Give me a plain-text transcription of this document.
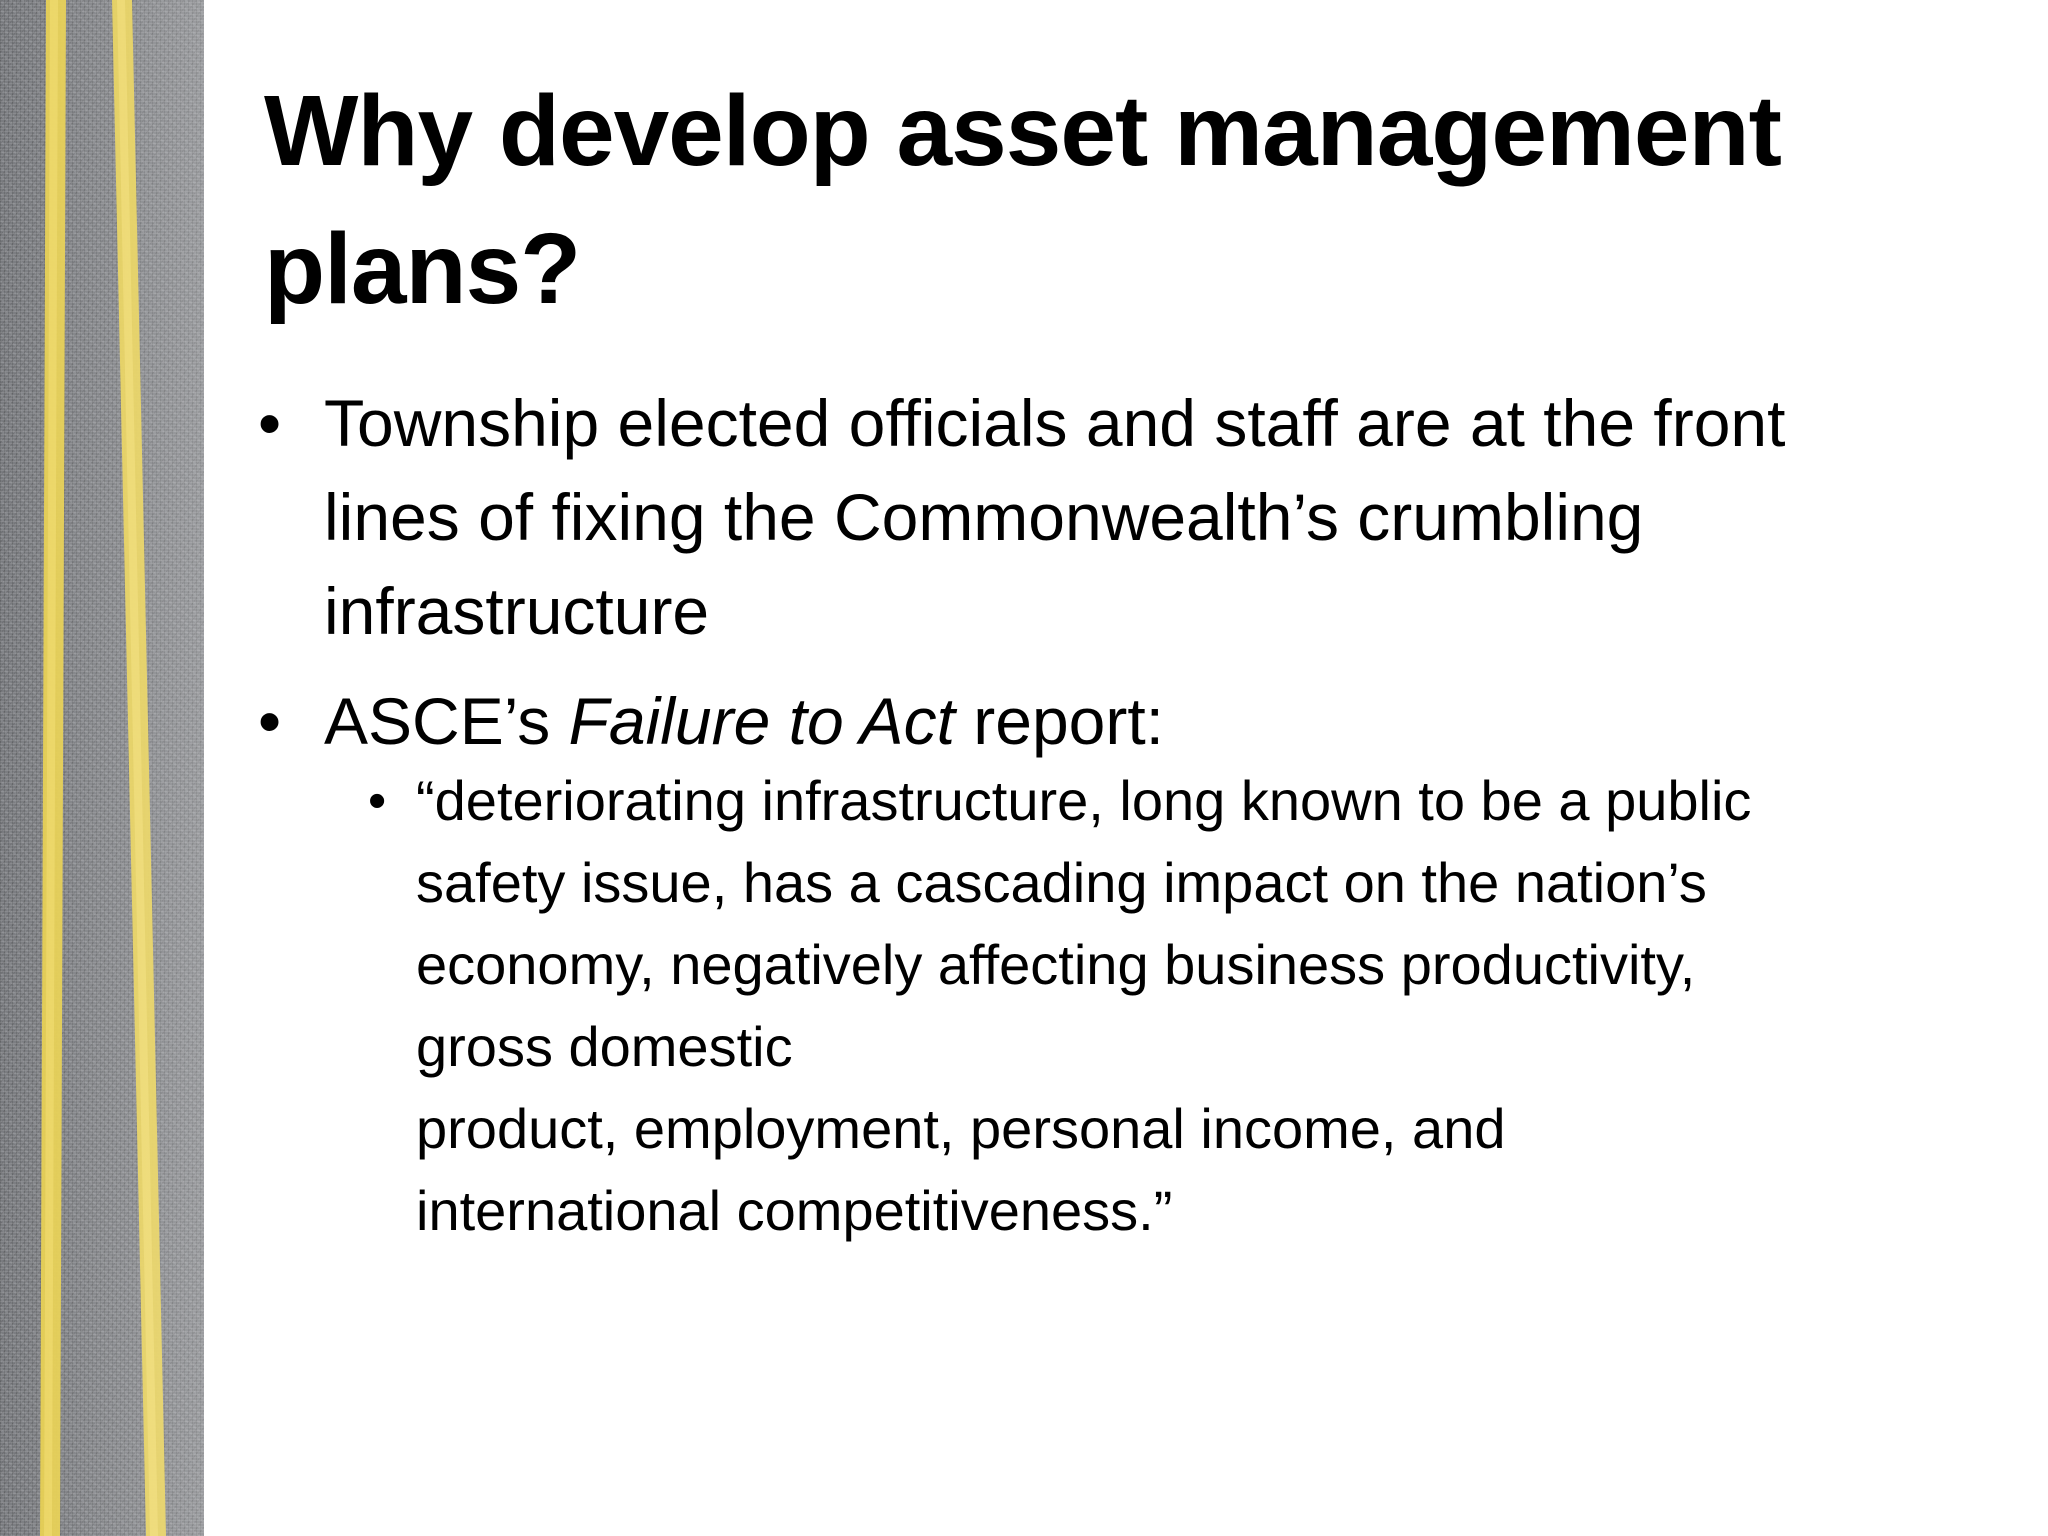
Why develop asset management plans?
• Township elected officials and staff are at the front lines of fixing the Commonwealth’s crumbling infrastructure
• ASCE’s Failure to Act report:
• “deteriorating infrastructure, long known to be a public safety issue, has a cascading impact on the nation’s economy, negatively affecting business productivity, gross domestic
product, employment, personal income, and international competitiveness.”
